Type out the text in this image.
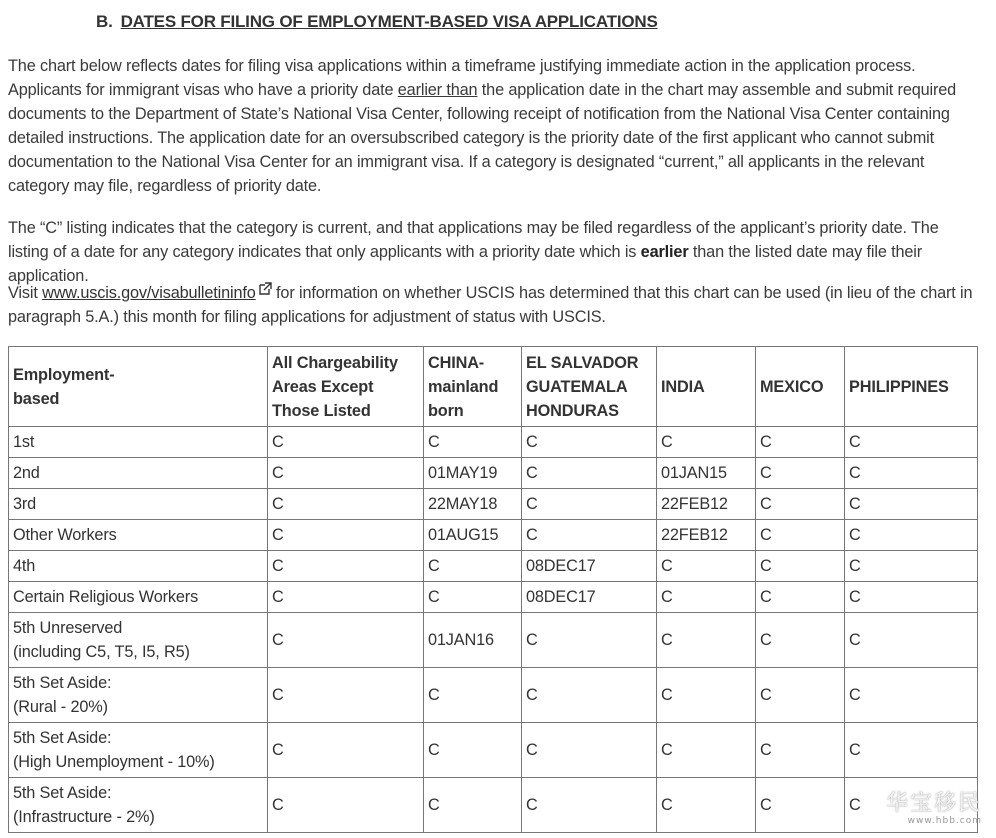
B. DATES FOR FILING OF EMPLOYMENT-BASED VISA APPLICATIONS

The chart below reflects dates for filing visa applications within a timeframe justifying immediate action in the application process. Applicants for immigrant visas who have a priority date earlier than the application date in the chart may assemble and submit required documents to the Department of State’s National Visa Center, following receipt of notification from the National Visa Center containing detailed instructions. The application date for an oversubscribed category is the priority date of the first applicant who cannot submit documentation to the National Visa Center for an immigrant visa. If a category is designated “current,” all applicants in the relevant category may file, regardless of priority date.

The “C” listing indicates that the category is current, and that applications may be filed regardless of the applicant’s priority date. The listing of a date for any category indicates that only applicants with a priority date which is earlier than the listed date may file their application.

Visit www.uscis.gov/visabulletininfo for information on whether USCIS has determined that this chart can be used (in lieu of the chart in paragraph 5.A.) this month for filing applications for adjustment of status with USCIS.

Employment-
based	All Chargeability
Areas Except
Those Listed	CHINA-
mainland
born	EL SALVADOR
GUATEMALA
HONDURAS	INDIA	MEXICO	PHILIPPINES
1st	C	C	C	C	C	C
2nd	C	01MAY19	C	01JAN15	C	C
3rd	C	22MAY18	C	22FEB12	C	C
Other Workers	C	01AUG15	C	22FEB12	C	C
4th	C	C	08DEC17	C	C	C
Certain Religious Workers	C	C	08DEC17	C	C	C
5th Unreserved
(including C5, T5, I5, R5)	C	01JAN16	C	C	C	C
5th Set Aside:
(Rural - 20%)	C	C	C	C	C	C
5th Set Aside:
(High Unemployment - 10%)	C	C	C	C	C	C
5th Set Aside:
(Infrastructure - 2%)	C	C	C	C	C	C 华宝移民
www.hbb.com
